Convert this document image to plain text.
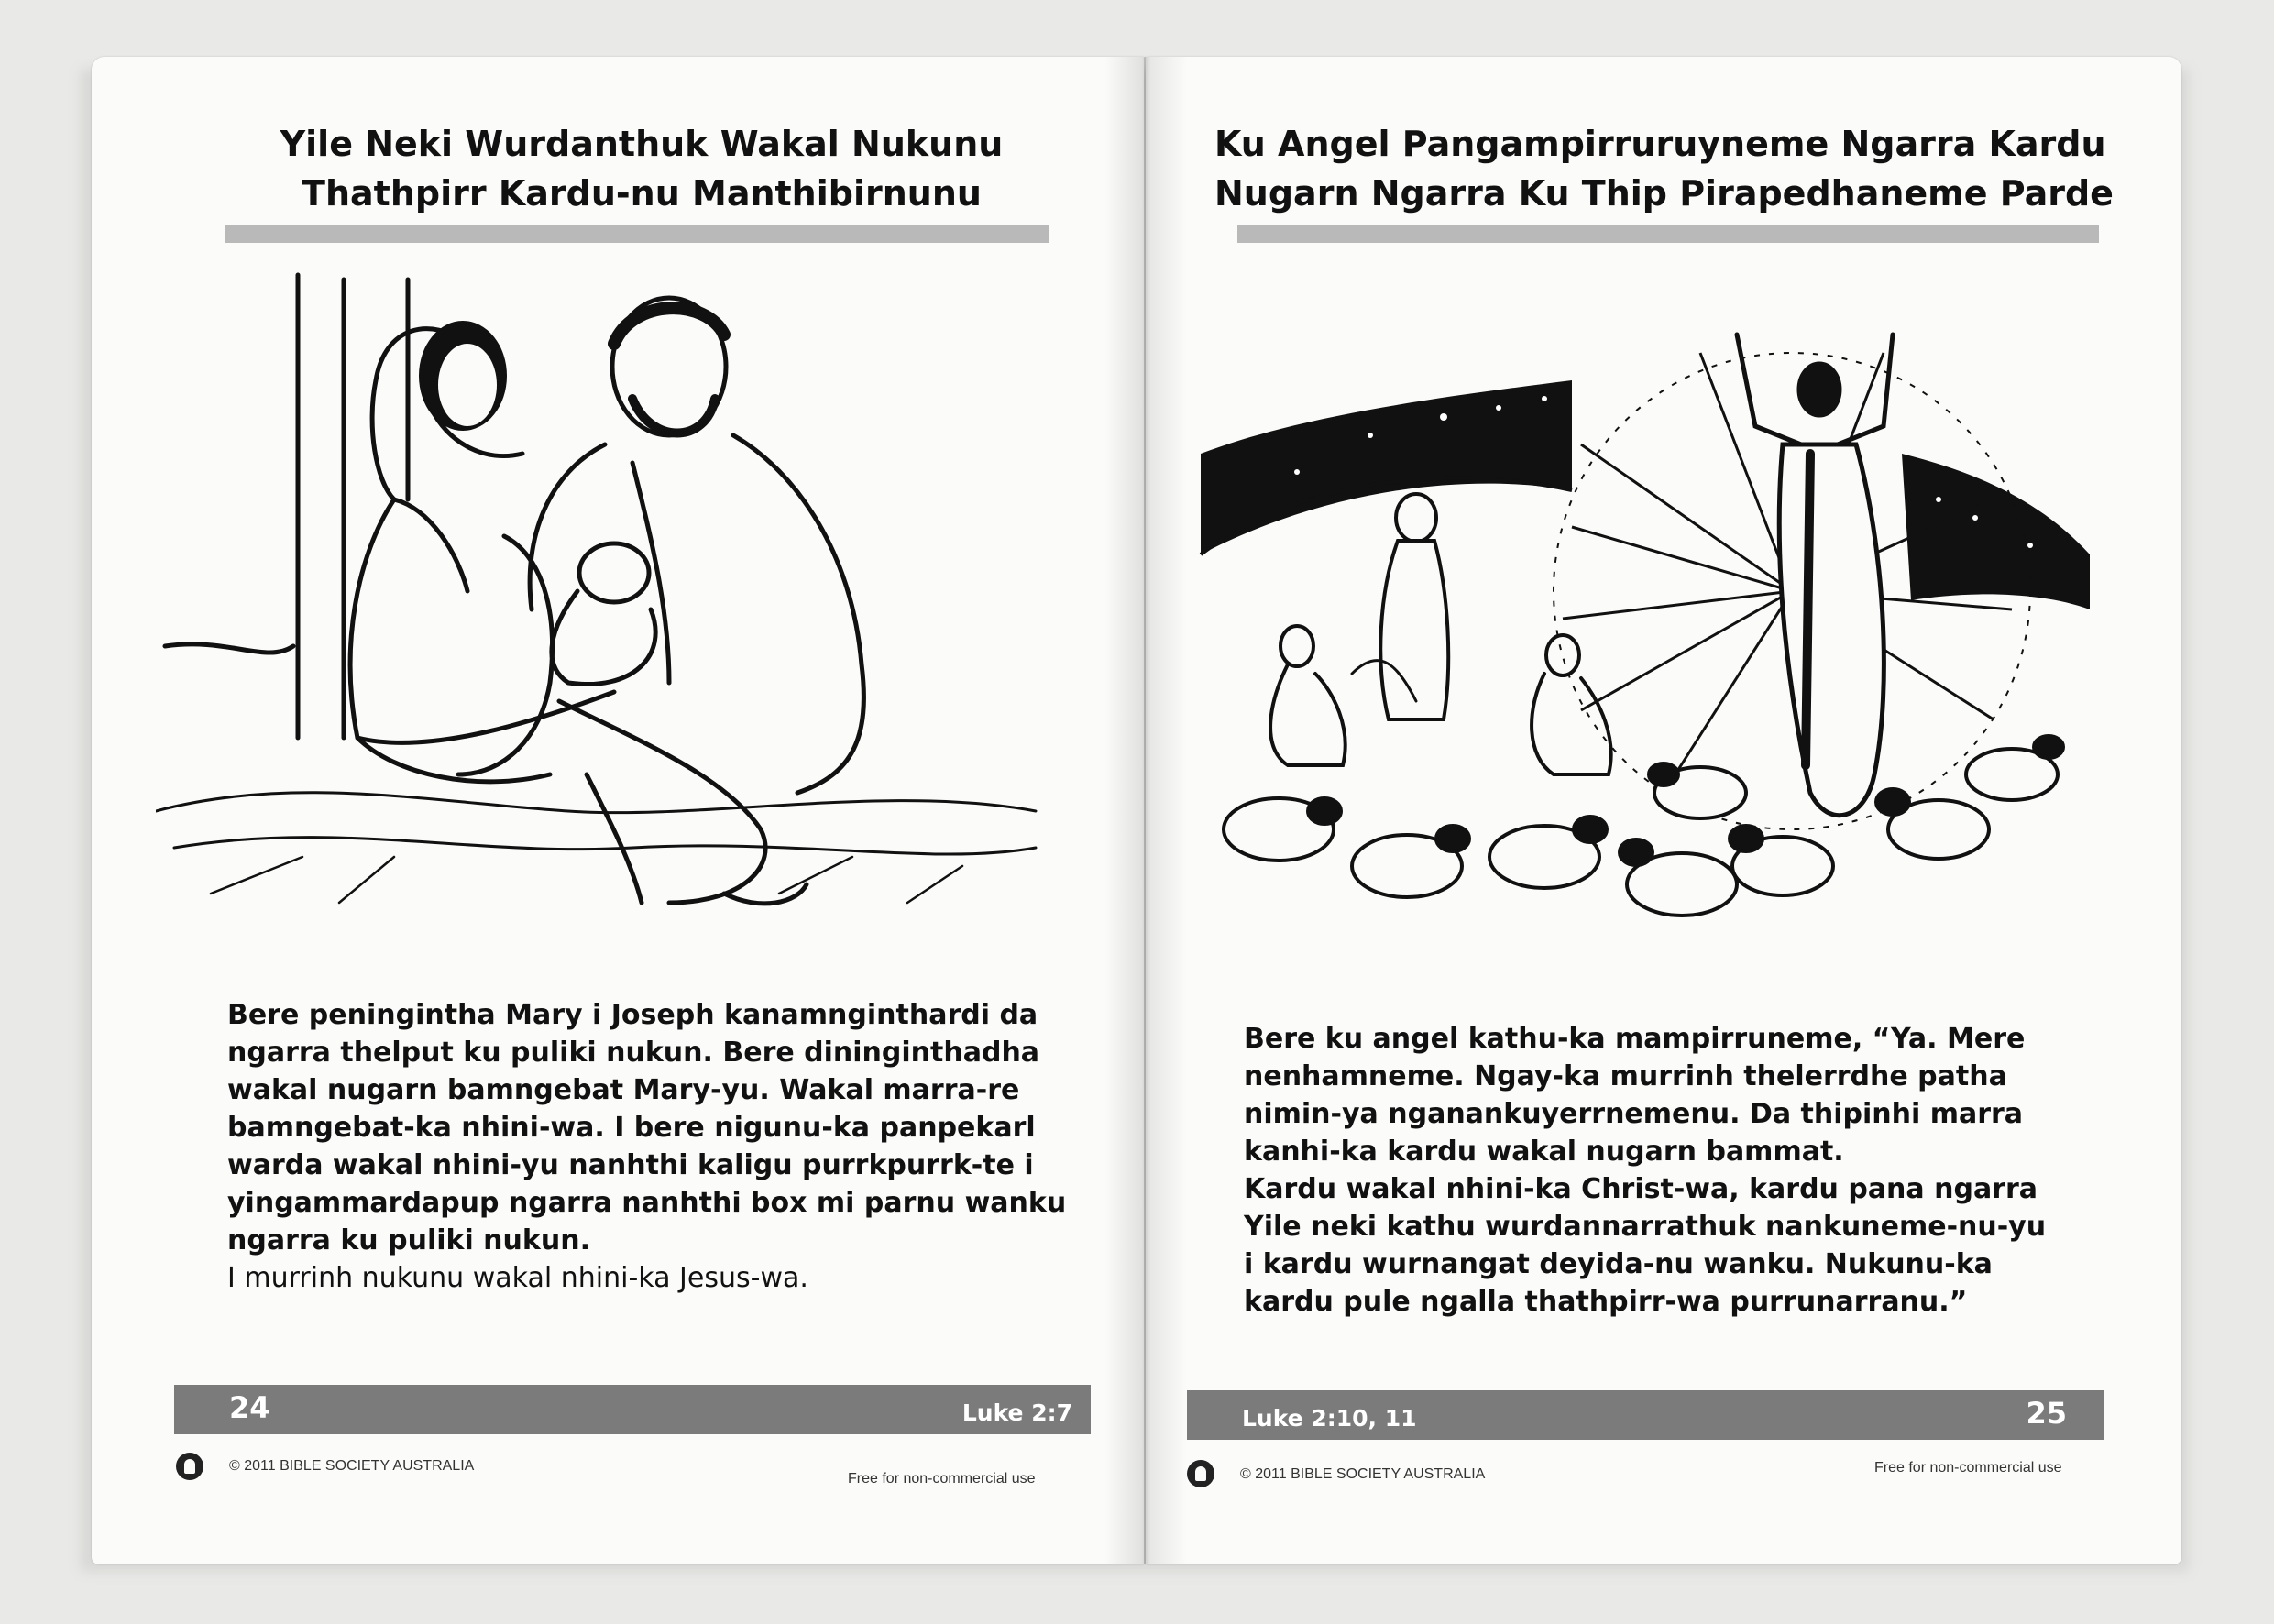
Yile Neki Wurdanthuk Wakal Nukunu
Thathpirr Kardu-nu Manthibirnunu
Bere peningintha Mary i Joseph kanamnginthardi da
ngarra thelput ku puliki nukun. Bere dininginthadha
wakal nugarn bamngebat Mary-yu. Wakal marra-re
bamngebat-ka nhini-wa. I bere nigunu-ka panpekarl
warda wakal nhini-yu nanhthi kaligu purrkpurrk-te i
yingammardapup ngarra nanhthi box mi parnu wanku
ngarra ku puliki nukun.
I murrinh nukunu wakal nhini-ka Jesus-wa.
24	Luke 2:7
© 2011 BIBLE SOCIETY AUSTRALIA
Free for non-commercial use
Ku Angel Pangampirruruyneme Ngarra Kardu
Nugarn Ngarra Ku Thip Pirapedhaneme Parde
Bere ku angel kathu-ka mampirruneme, “Ya. Mere
nenhamneme. Ngay-ka murrinh thelerrdhe patha
nimin-ya nganankuyerrnemenu. Da thipinhi marra
kanhi-ka kardu wakal nugarn bammat.
Kardu wakal nhini-ka Christ-wa, kardu pana ngarra
Yile neki kathu wurdannarrathuk nankuneme-nu-yu
i kardu wurnangat deyida-nu wanku. Nukunu-ka
kardu pule ngalla thathpirr-wa purrunarranu.”
Luke 2:10, 11	25
© 2011 BIBLE SOCIETY AUSTRALIA	Free for non-commercial use
